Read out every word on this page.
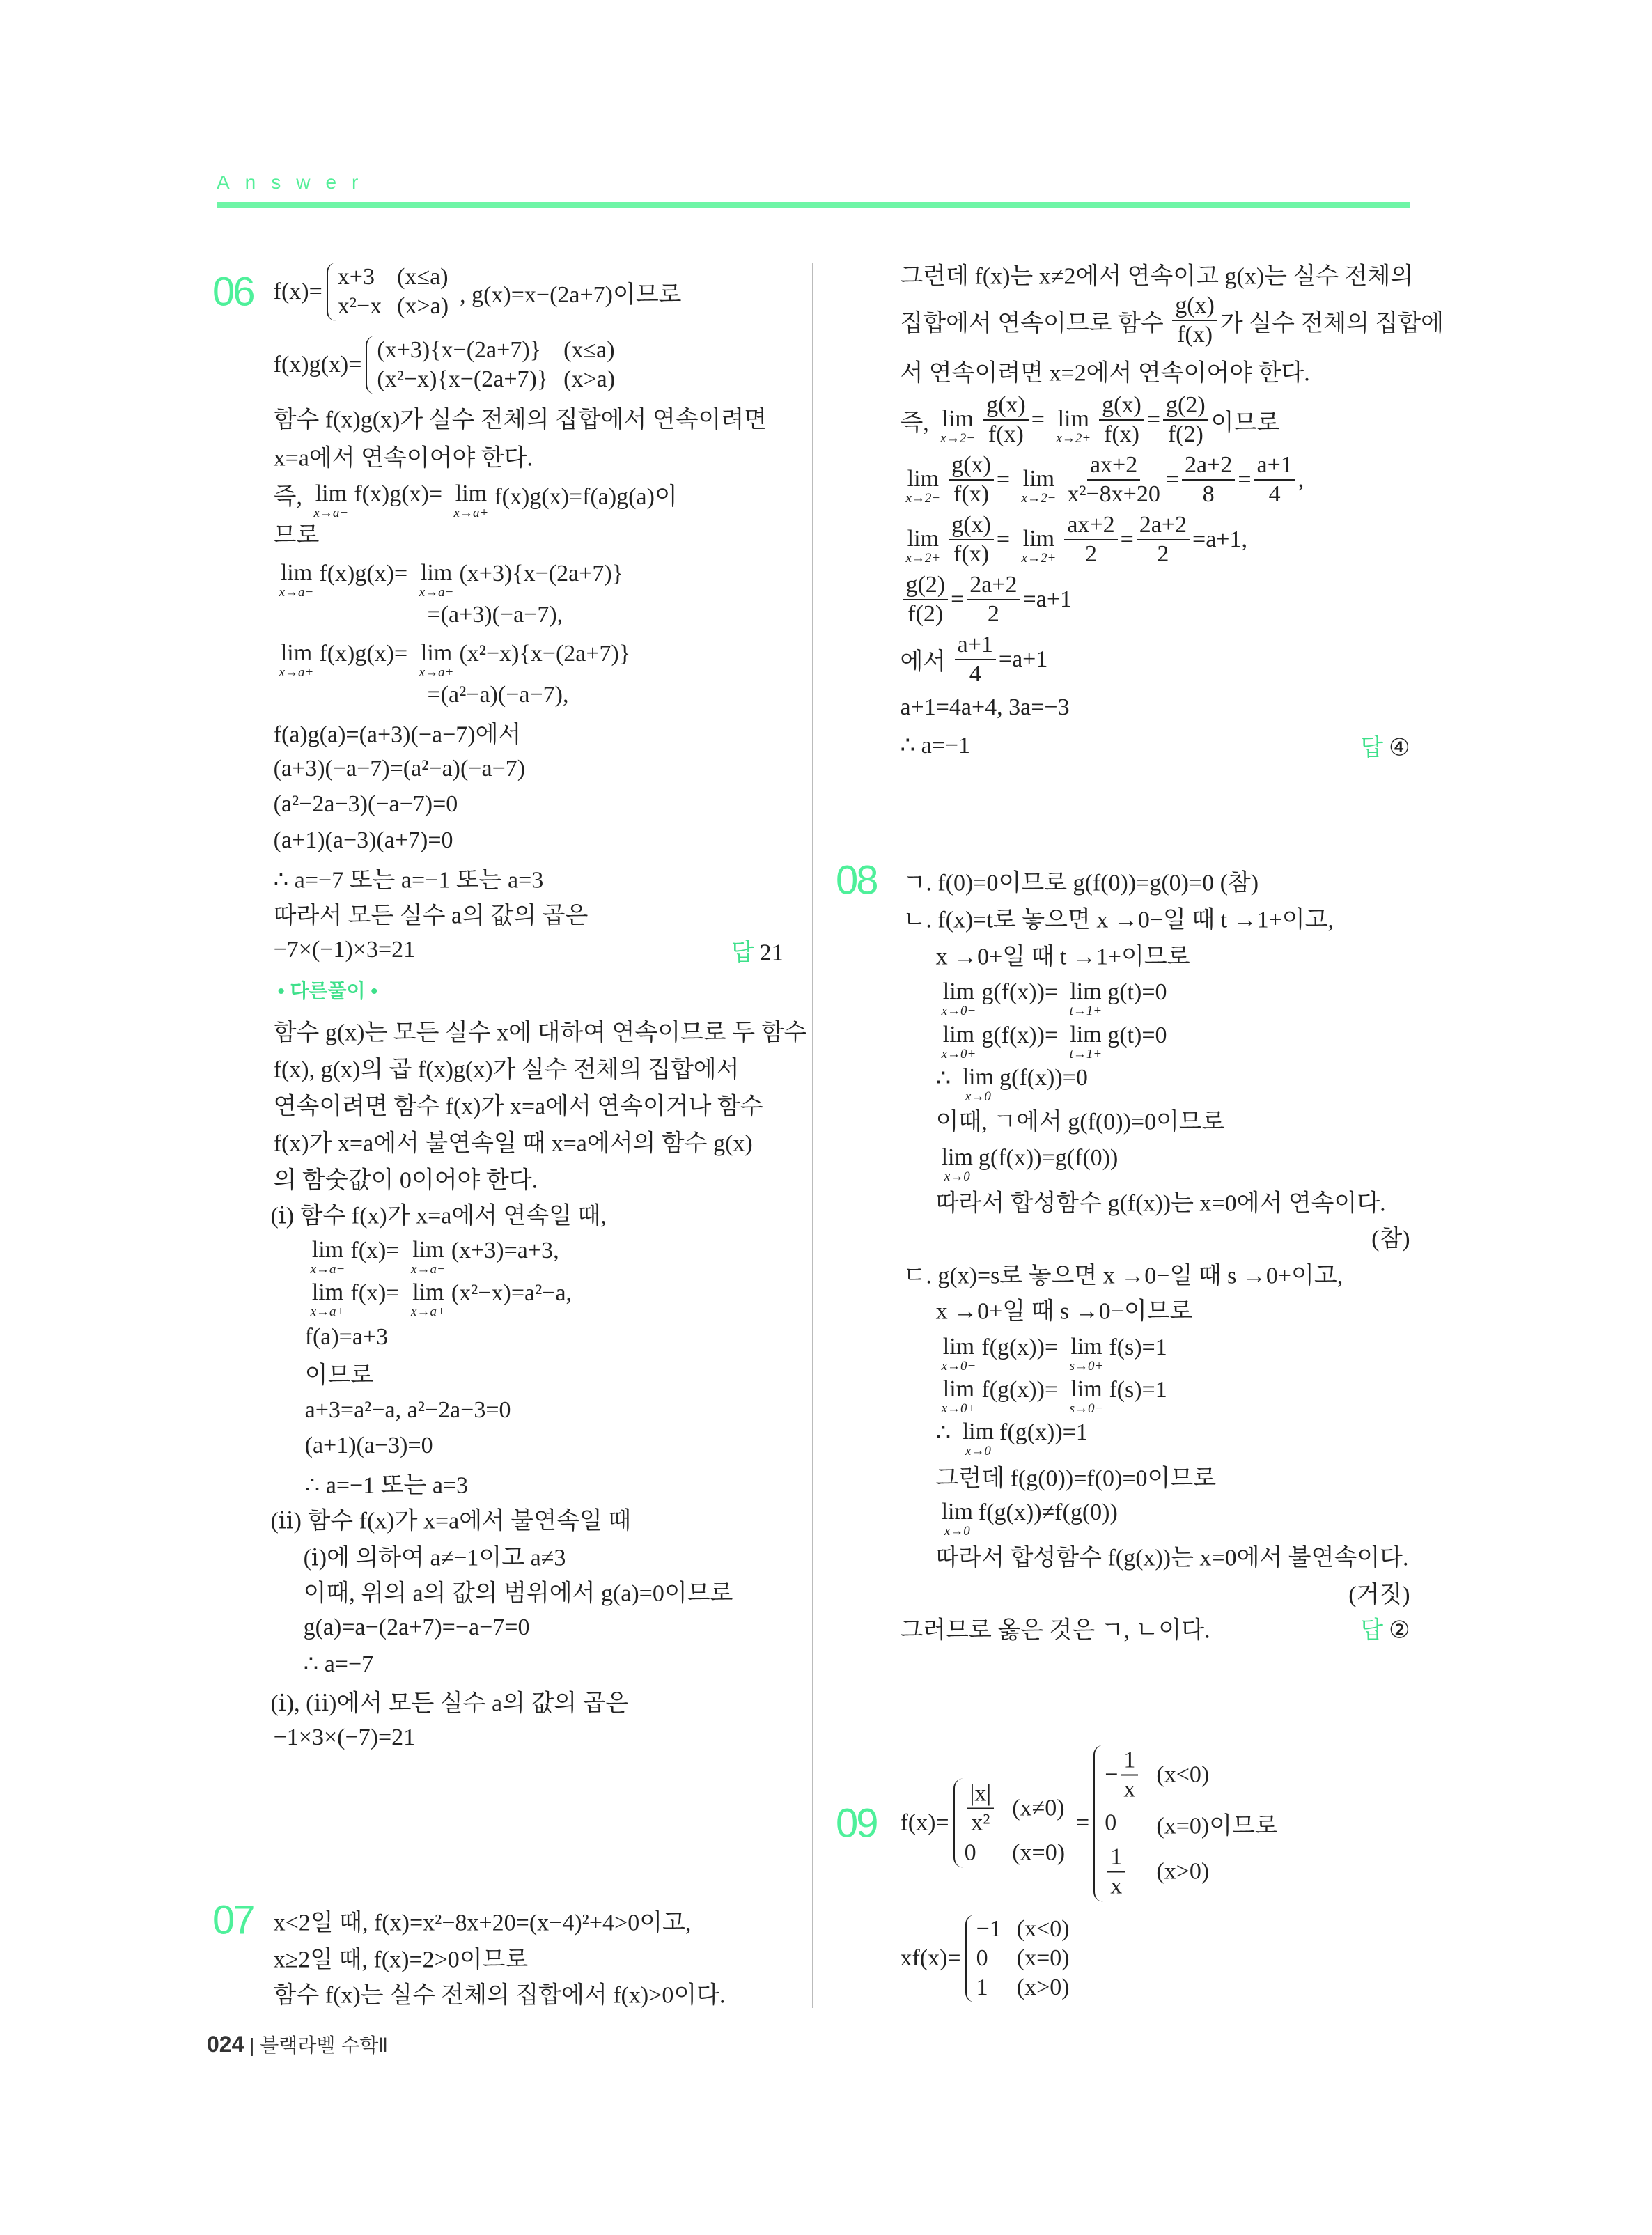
Answer
06
07
08
09
f(x)=
x+3 (x≤a)
x²−x (x>a) , g(x)=x−(2a+7)이므로
f(x)g(x)=
(x+3){x−(2a+7)} (x≤a)
(x²−x){x−(2a+7)} (x>a)
함수 f(x)g(x)가 실수 전체의 집합에서 연속이려면
x=a에서 연속이어야 한다.
즉, lim
x→a−
f(x)g(x)= lim
x→a+
f(x)g(x)=f(a)g(a)이
므로
lim
x→a−
f(x)g(x)= lim
x→a−
(x+3){x−(2a+7)}
=(a+3)(−a−7),
lim
x→a+
f(x)g(x)= lim
x→a+
(x²−x){x−(2a+7)}
=(a²−a)(−a−7),
f(a)g(a)=(a+3)(−a−7)에서
(a+3)(−a−7)=(a²−a)(−a−7)
(a²−2a−3)(−a−7)=0
(a+1)(a−3)(a+7)=0
∴ a=−7 또는 a=−1 또는 a=3
따라서 모든 실수 a의 값의 곱은
−7×(−1)×3=21	답 21
• 다른풀이 •
함수 g(x)는 모든 실수 x에 대하여 연속이므로 두 함수
f(x), g(x)의 곱 f(x)g(x)가 실수 전체의 집합에서
연속이려면 함수 f(x)가 x=a에서 연속이거나 함수
f(x)가 x=a에서 불연속일 때 x=a에서의 함수 g(x)
의 함숫값이 0이어야 한다.
(ⅰ) 함수 f(x)가 x=a에서 연속일 때,
lim
x→a−
f(x)= lim
x→a−
(x+3)=a+3,
lim
x→a+
f(x)= lim
x→a+
(x²−x)=a²−a,
f(a)=a+3
이므로
a+3=a²−a, a²−2a−3=0
(a+1)(a−3)=0
∴ a=−1 또는 a=3
(ⅱ) 함수 f(x)가 x=a에서 불연속일 때
(ⅰ)에 의하여 a≠−1이고 a≠3
이때, 위의 a의 값의 범위에서 g(a)=0이므로
g(a)=a−(2a+7)=−a−7=0
∴ a=−7
(ⅰ), (ⅱ)에서 모든 실수 a의 값의 곱은
−1×3×(−7)=21
x<2일 때, f(x)=x²−8x+20=(x−4)²+4>0이고,
x≥2일 때, f(x)=2>0이므로
함수 f(x)는 실수 전체의 집합에서 f(x)>0이다.
그런데 f(x)는 x≠2에서 연속이고 g(x)는 실수 전체의
집합에서 연속이므로 함수 $\frac{g(x)}{f(x)}$ 가 실수 전체의 집합에
서 연속이려면 x=2에서 연속이어야 한다.
즉, lim
$x\to 2- \frac{g(x)}{f(x)} = \lim$
$x\to 2+ \frac{g(x)}{f(x)} = \frac{g(2)}{f(2)}$ 이므로
lim
$x\to 2- \frac{g(x)}{f(x)} = \lim$
$x\to 2- \frac{ax+2}{\text{x²−8x+20}} = \frac{2a+2}{8} = \frac{a+1}{4}$ ,
lim
$x\to 2+ \frac{g(x)}{f(x)} = \lim$
$x\to 2+ \frac{ax+2}{2} = \frac{2a+2}{2} =a+1$,
$\frac{g(2)}{f(2)} = \frac{2a+2}{2} =a+1$
에서 $\frac{a+1}{4} =a+1$
a+1=4a+4, 3a=−3
∴ a=−1	답 ④
ㄱ. f(0)=0이므로 g(f(0))=g(0)=0 (참)
ㄴ. f(x)=t로 놓으면 x →0−일 때 t →1+이고,
x →0+일 때 t →1+이므로
lim
x→0−
g(f(x))= lim
t→1+
g(t)=0
lim
x→0+
g(f(x))= lim
t→1+
g(t)=0
∴ lim
x→0
g(f(x))=0
이때, ㄱ에서 g(f(0))=0이므로
lim
x→0
g(f(x))=g(f(0))
따라서 합성함수 g(f(x))는 x=0에서 연속이다.
(참)
ㄷ. g(x)=s로 놓으면 x →0−일 때 s →0+이고,
x →0+일 때 s →0−이므로
lim
x→0−
f(g(x))= lim
s→0+
f(s)=1
lim
x→0+
f(g(x))= lim
s→0−
f(s)=1
∴ lim
x→0
f(g(x))=1
그런데 f(g(0))=f(0)=0이므로
lim
x→0
f(g(x))≠f(g(0))
따라서 합성함수 f(g(x))는 x=0에서 불연속이다.
(거짓)
그러므로 옳은 것은 ㄱ, ㄴ이다.	답 ②
$f(x)= \frac{|x|}{\text{x²}} (x\ne 0)$
0 (x=0)
=
− $\frac{1}{x} (x<0)$
0 (x=0)이므로
$\frac{1}{x} (x>0)$
xf(x)=
−1 (x<0)
0 (x=0)
1 (x>0)
024 | 블랙라벨 수학Ⅱ
